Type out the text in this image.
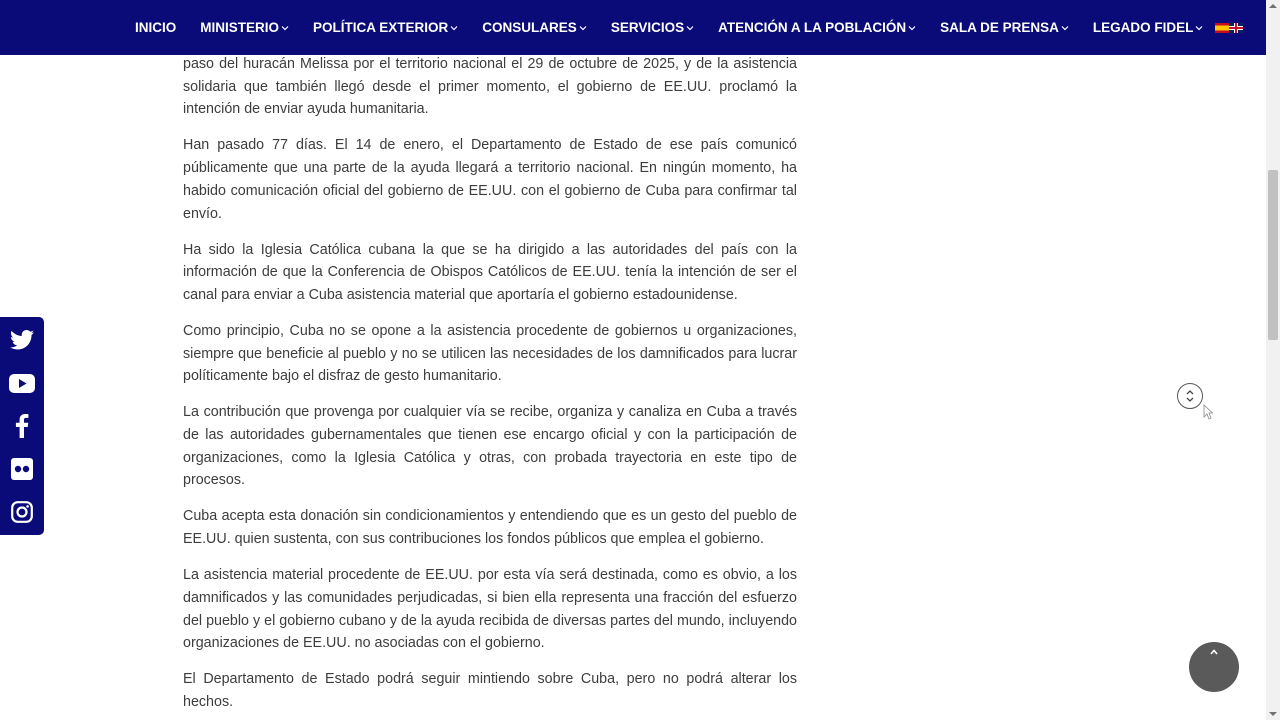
INICIO MINISTERIO	POLÍTICA EXTERIOR	CONSULARES	SERVICIOS	ATENCIÓN A LA POBLACIÓN	SALA DE PRENSA	LEGADO FIDEL

paso del huracán Melissa por el territorio nacional el 29 de octubre de 2025, y de la asistencia solidaria que también llegó desde el primer momento, el gobierno de EE.UU. proclamó la intención de enviar ayuda humanitaria.

Han pasado 77 días. El 14 de enero, el Departamento de Estado de ese país comunicó públicamente que una parte de la ayuda llegará a territorio nacional. En ningún momento, ha habido comunicación oficial del gobierno de EE.UU. con el gobierno de Cuba para confirmar tal envío.

Ha sido la Iglesia Católica cubana la que se ha dirigido a las autoridades del país con la información de que la Conferencia de Obispos Católicos de EE.UU. tenía la intención de ser el canal para enviar a Cuba asistencia material que aportaría el gobierno estadounidense.

Como principio, Cuba no se opone a la asistencia procedente de gobiernos u organizaciones, siempre que beneficie al pueblo y no se utilicen las necesidades de los damnificados para lucrar políticamente bajo el disfraz de gesto humanitario.

La contribución que provenga por cualquier vía se recibe, organiza y canaliza en Cuba a través de las autoridades gubernamentales que tienen ese encargo oficial y con la participación de organizaciones, como la Iglesia Católica y otras, con probada trayectoria en este tipo de procesos.

Cuba acepta esta donación sin condicionamientos y entendiendo que es un gesto del pueblo de EE.UU. quien sustenta, con sus contribuciones los fondos públicos que emplea el gobierno.

La asistencia material procedente de EE.UU. por esta vía será destinada, como es obvio, a los damnificados y las comunidades perjudicadas, si bien ella representa una fracción del esfuerzo del pueblo y el gobierno cubano y de la ayuda recibida de diversas partes del mundo, incluyendo organizaciones de EE.UU. no asociadas con el gobierno.

El Departamento de Estado podrá seguir mintiendo sobre Cuba, pero no podrá alterar los hechos.
